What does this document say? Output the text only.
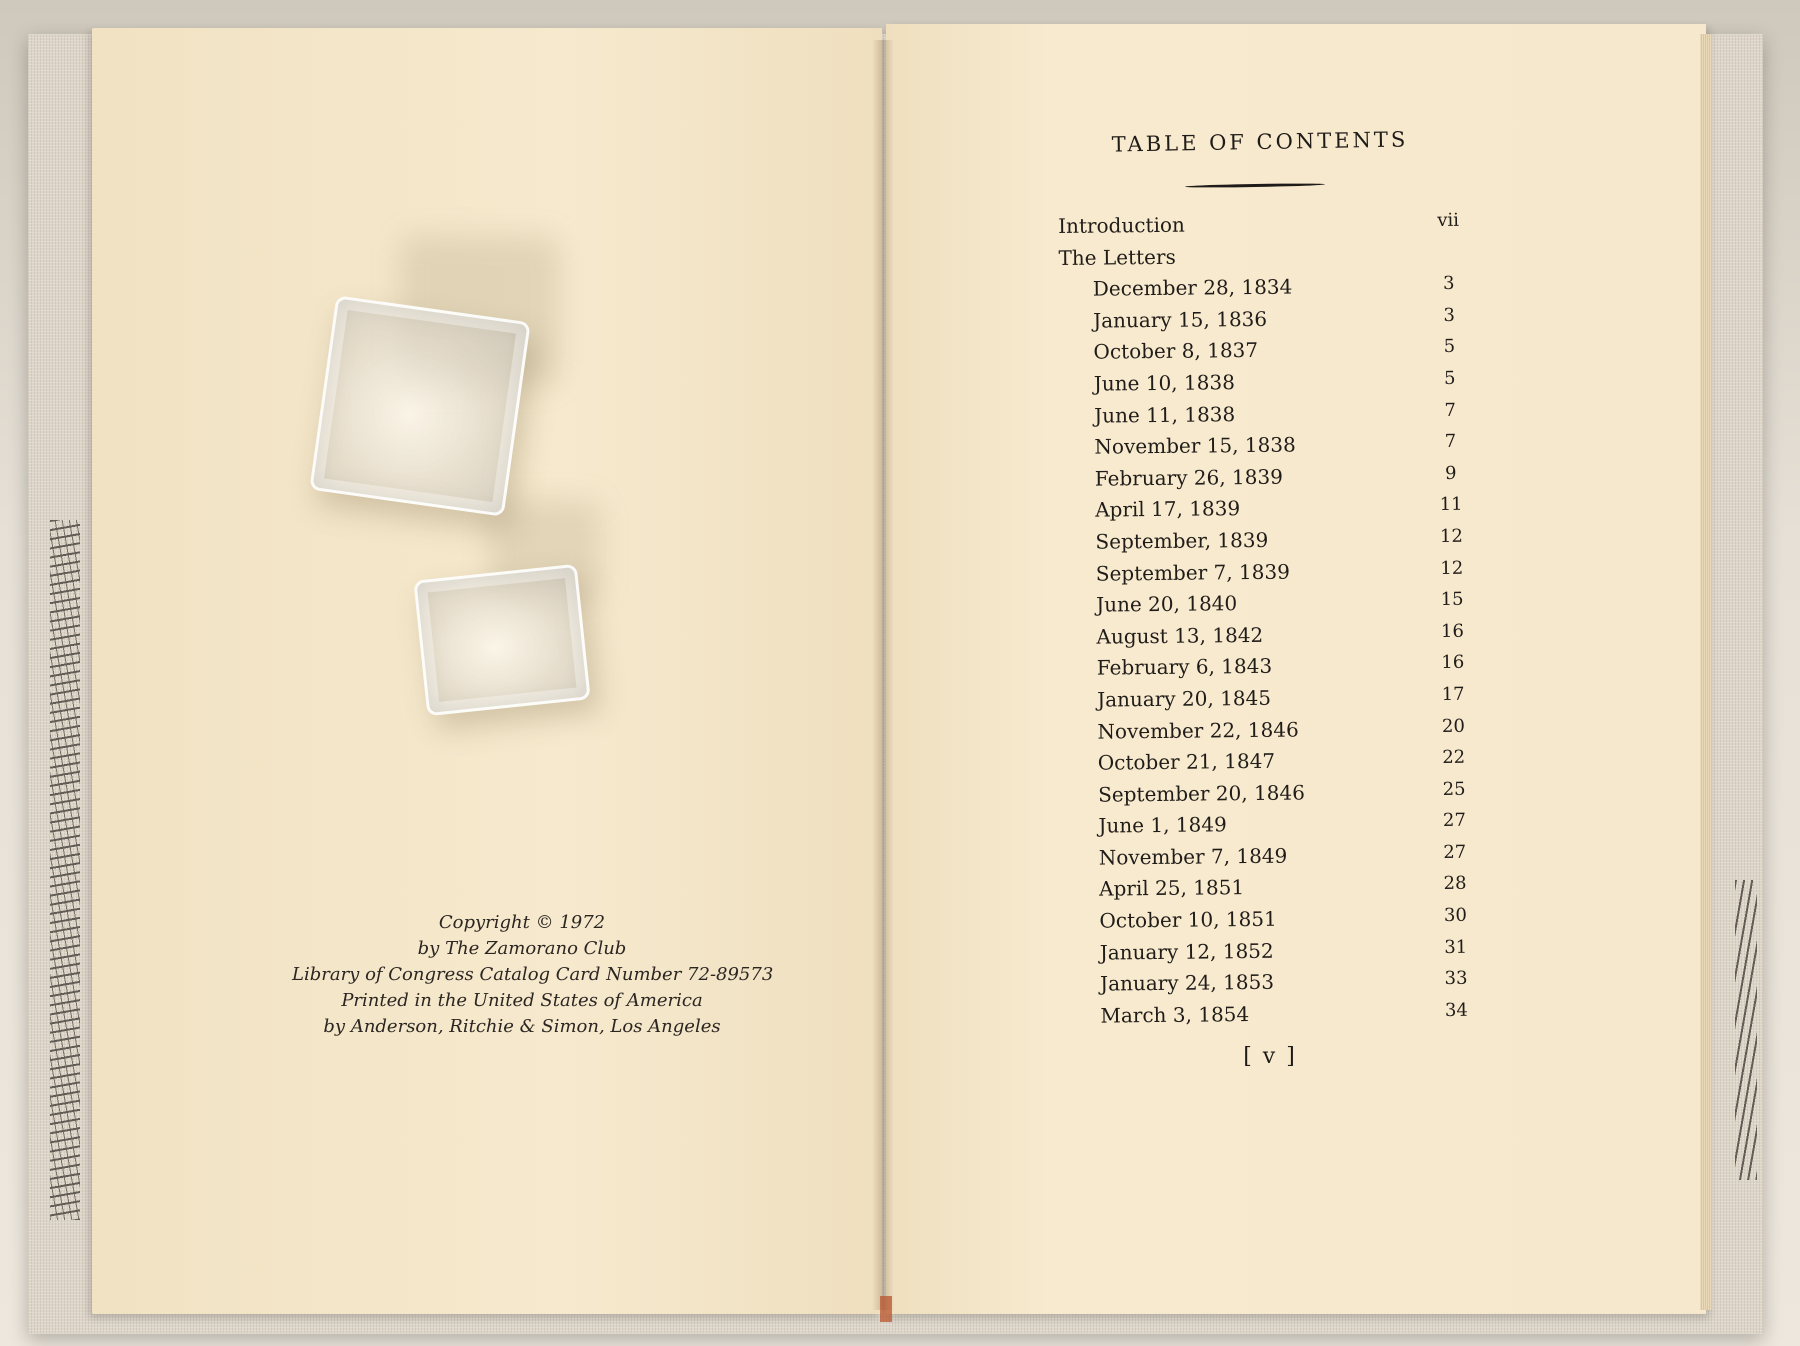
Copyright © 1972
by The Zamorano Club
Library of Congress Catalog Card Number 72-89573
Printed in the United States of America
by Anderson, Ritchie & Simon, Los Angeles
TABLE OF CONTENTS
Introduction	vii
The Letters
December 28, 1834	3
January 15, 1836	3
October 8, 1837	5
June 10, 1838	5
June 11, 1838	7
November 15, 1838	7
February 26, 1839	9
April 17, 1839	11
September, 1839	12
September 7, 1839	12
June 20, 1840	15
August 13, 1842	16
February 6, 1843	16
January 20, 1845	17
November 22, 1846	20
October 21, 1847	22
September 20, 1846	25
June 1, 1849	27
November 7, 1849	27
April 25, 1851	28
October 10, 1851	30
January 12, 1852	31
January 24, 1853	33
March 3, 1854	34
[ v ]
